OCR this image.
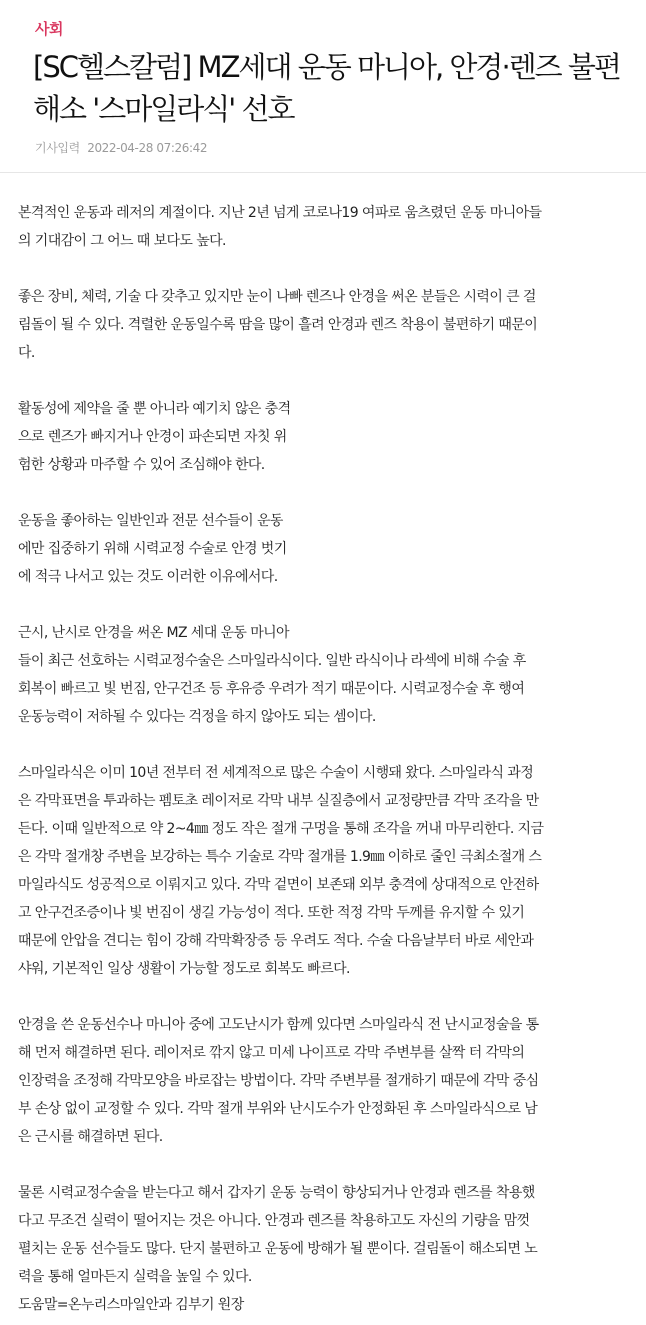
사회
[SC헬스칼럼] MZ세대 운동 마니아, 안경·렌즈 불편 해소 '스마일라식' 선호
기사입력 2022-04-28 07:26:42

본격적인 운동과 레저의 계절이다. 지난 2년 넘게 코로나19 여파로 움츠렸던 운동 마니아들
의 기대감이 그 어느 때 보다도 높다.

좋은 장비, 체력, 기술 다 갖추고 있지만 눈이 나빠 렌즈나 안경을 써온 분들은 시력이 큰 걸
림돌이 될 수 있다. 격렬한 운동일수록 땀을 많이 흘려 안경과 렌즈 착용이 불편하기 때문이
다.

활동성에 제약을 줄 뿐 아니라 예기치 않은 충격
으로 렌즈가 빠지거나 안경이 파손되면 자칫 위
험한 상황과 마주할 수 있어 조심해야 한다.

운동을 좋아하는 일반인과 전문 선수들이 운동
에만 집중하기 위해 시력교정 수술로 안경 벗기
에 적극 나서고 있는 것도 이러한 이유에서다.

근시, 난시로 안경을 써온 MZ 세대 운동 마니아
들이 최근 선호하는 시력교정수술은 스마일라식이다. 일반 라식이나 라섹에 비해 수술 후
회복이 빠르고 빛 번짐, 안구건조 등 후유증 우려가 적기 때문이다. 시력교정수술 후 행여
운동능력이 저하될 수 있다는 걱정을 하지 않아도 되는 셈이다.

스마일라식은 이미 10년 전부터 전 세계적으로 많은 수술이 시행돼 왔다. 스마일라식 과정
은 각막표면을 투과하는 펨토초 레이저로 각막 내부 실질층에서 교정량만큼 각막 조각을 만
든다. 이때 일반적으로 약 2~4㎜ 정도 작은 절개 구멍을 통해 조각을 꺼내 마무리한다. 지금
은 각막 절개창 주변을 보강하는 특수 기술로 각막 절개를 1.9㎜ 이하로 줄인 극최소절개 스
마일라식도 성공적으로 이뤄지고 있다. 각막 겉면이 보존돼 외부 충격에 상대적으로 안전하
고 안구건조증이나 빛 번짐이 생길 가능성이 적다. 또한 적정 각막 두께를 유지할 수 있기
때문에 안압을 견디는 힘이 강해 각막확장증 등 우려도 적다. 수술 다음날부터 바로 세안과
샤워, 기본적인 일상 생활이 가능할 정도로 회복도 빠르다.

안경을 쓴 운동선수나 마니아 중에 고도난시가 함께 있다면 스마일라식 전 난시교정술을 통
해 먼저 해결하면 된다. 레이저로 깎지 않고 미세 나이프로 각막 주변부를 살짝 터 각막의
인장력을 조정해 각막모양을 바로잡는 방법이다. 각막 주변부를 절개하기 때문에 각막 중심
부 손상 없이 교정할 수 있다. 각막 절개 부위와 난시도수가 안정화된 후 스마일라식으로 남
은 근시를 해결하면 된다.

물론 시력교정수술을 받는다고 해서 갑자기 운동 능력이 향상되거나 안경과 렌즈를 착용했
다고 무조건 실력이 떨어지는 것은 아니다. 안경과 렌즈를 착용하고도 자신의 기량을 맘껏
펼치는 운동 선수들도 많다. 단지 불편하고 운동에 방해가 될 뿐이다. 걸림돌이 해소되면 노
력을 통해 얼마든지 실력을 높일 수 있다.
도움말=온누리스마일안과 김부기 원장
